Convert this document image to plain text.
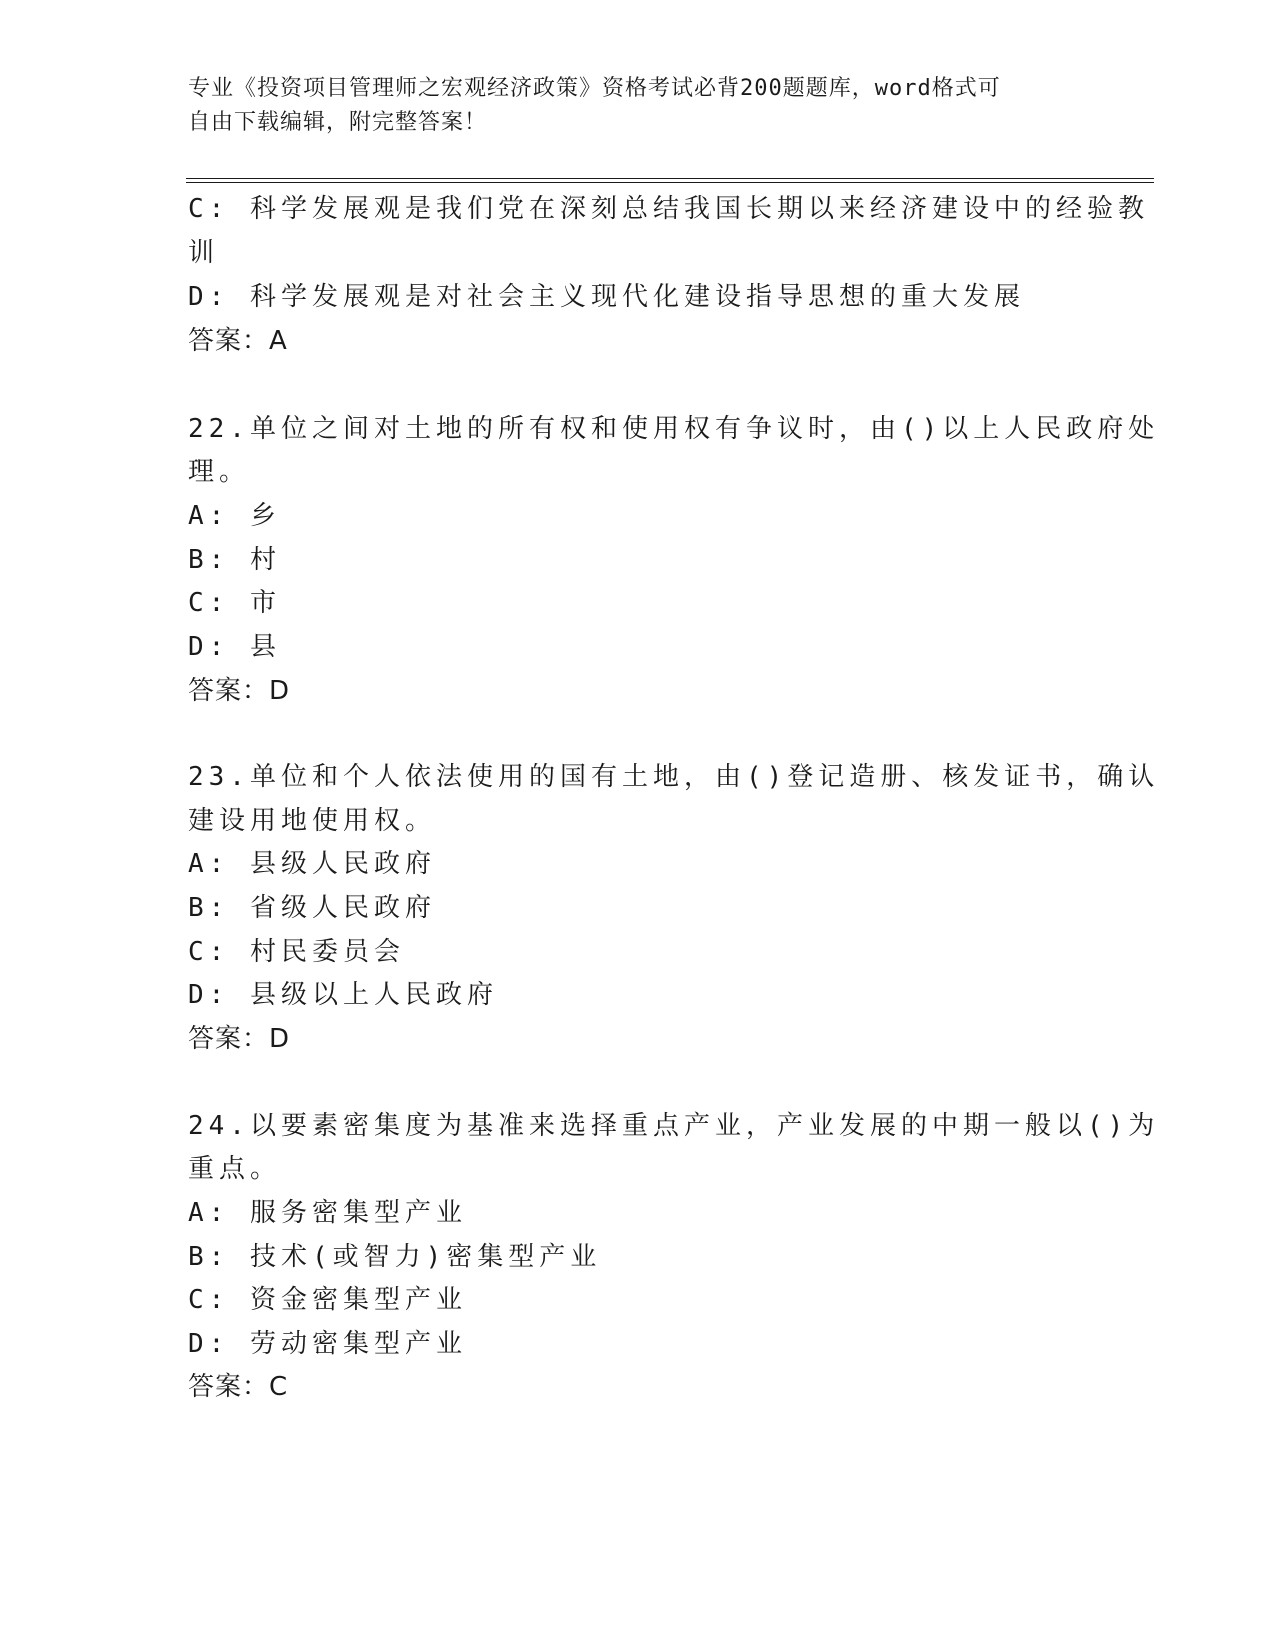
专业《投资项目管理师之宏观经济政策》资格考试必背200题题库，word格式可
自由下载编辑，附完整答案！
C: 科学发展观是我们党在深刻总结我国长期以来经济建设中的经验教
训
D: 科学发展观是对社会主义现代化建设指导思想的重大发展
答案：A
22.单位之间对土地的所有权和使用权有争议时，由()以上人民政府处
理。
A: 乡
B: 村
C: 市
D: 县
答案：D
23.单位和个人依法使用的国有土地，由()登记造册、核发证书，确认
建设用地使用权。
A: 县级人民政府
B: 省级人民政府
C: 村民委员会
D: 县级以上人民政府
答案：D
24.以要素密集度为基准来选择重点产业，产业发展的中期一般以()为
重点。
A: 服务密集型产业
B: 技术(或智力)密集型产业
C: 资金密集型产业
D: 劳动密集型产业
答案：C
